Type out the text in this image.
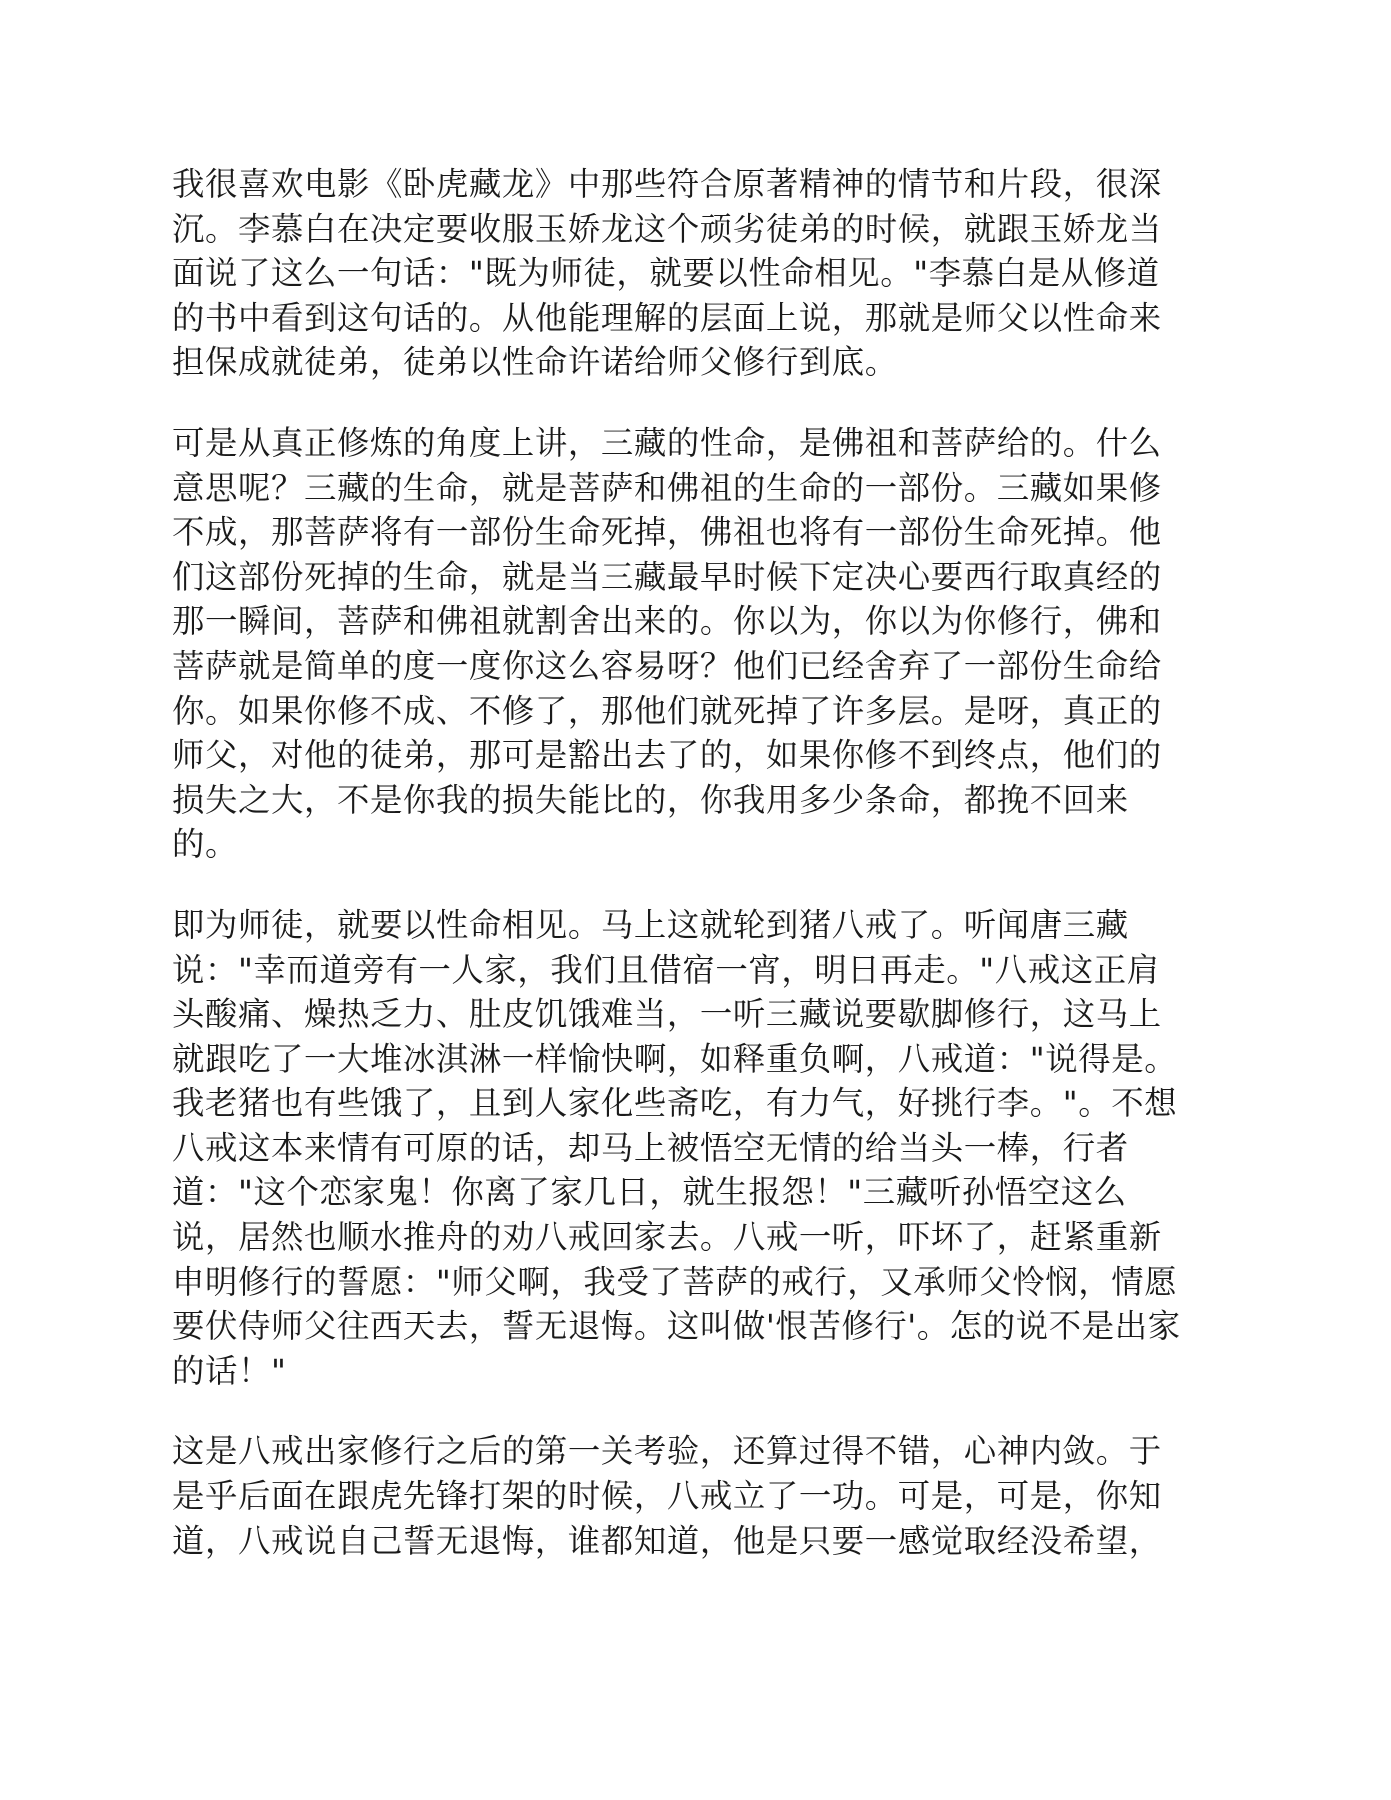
我很喜欢电影《卧虎藏龙》中那些符合原著精神的情节和片段，很深
沉。李慕白在决定要收服玉娇龙这个顽劣徒弟的时候，就跟玉娇龙当
面说了这么一句话："既为师徒，就要以性命相见。"李慕白是从修道
的书中看到这句话的。从他能理解的层面上说，那就是师父以性命来
担保成就徒弟，徒弟以性命许诺给师父修行到底。

可是从真正修炼的角度上讲，三藏的性命，是佛祖和菩萨给的。什么
意思呢？三藏的生命，就是菩萨和佛祖的生命的一部份。三藏如果修
不成，那菩萨将有一部份生命死掉，佛祖也将有一部份生命死掉。他
们这部份死掉的生命，就是当三藏最早时候下定决心要西行取真经的
那一瞬间，菩萨和佛祖就割舍出来的。你以为，你以为你修行，佛和
菩萨就是简单的度一度你这么容易呀？他们已经舍弃了一部份生命给
你。如果你修不成、不修了，那他们就死掉了许多层。是呀，真正的
师父，对他的徒弟，那可是豁出去了的，如果你修不到终点，他们的
损失之大，不是你我的损失能比的，你我用多少条命，都挽不回来
的。

即为师徒，就要以性命相见。马上这就轮到猪八戒了。听闻唐三藏
说："幸而道旁有一人家，我们且借宿一宵，明日再走。"八戒这正肩
头酸痛、燥热乏力、肚皮饥饿难当，一听三藏说要歇脚修行，这马上
就跟吃了一大堆冰淇淋一样愉快啊，如释重负啊，八戒道："说得是。
我老猪也有些饿了，且到人家化些斋吃，有力气，好挑行李。"。不想
八戒这本来情有可原的话，却马上被悟空无情的给当头一棒，行者
道："这个恋家鬼！你离了家几日，就生报怨！"三藏听孙悟空这么
说，居然也顺水推舟的劝八戒回家去。八戒一听，吓坏了，赶紧重新
申明修行的誓愿："师父啊，我受了菩萨的戒行，又承师父怜悯，情愿
要伏侍师父往西天去，誓无退悔。这叫做'恨苦修行'。怎的说不是出家
的话！"

这是八戒出家修行之后的第一关考验，还算过得不错，心神内敛。于
是乎后面在跟虎先锋打架的时候，八戒立了一功。可是，可是，你知
道，八戒说自己誓无退悔，谁都知道，他是只要一感觉取经没希望，
